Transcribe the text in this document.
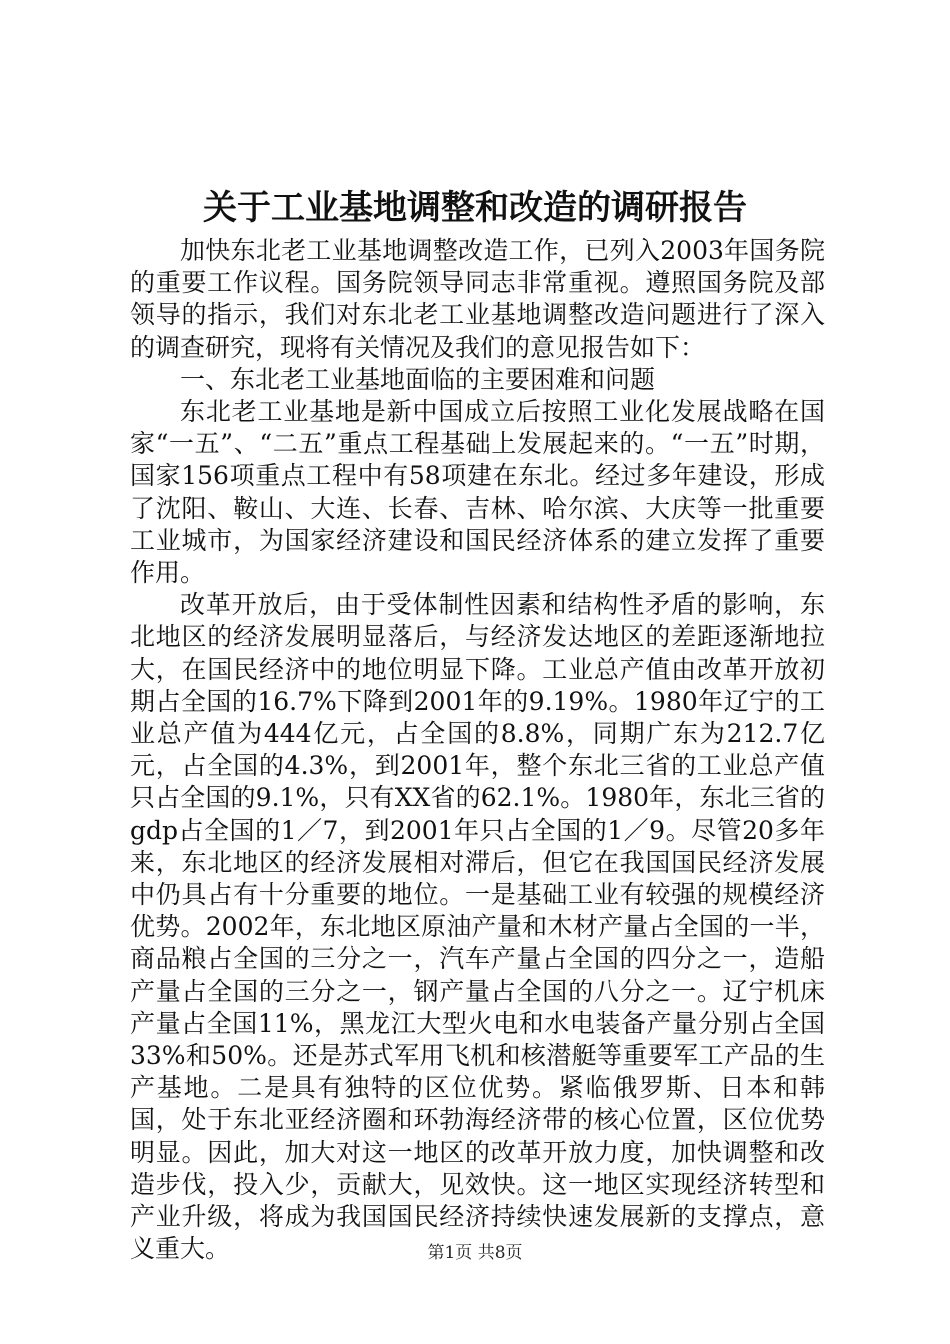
关于工业基地调整和改造的调研报告

加快东北老工业基地调整改造工作，已列入2003年国务院的重要工作议程。国务院领导同志非常重视。遵照国务院及部领导的指示，我们对东北老工业基地调整改造问题进行了深入的调查研究，现将有关情况及我们的意见报告如下：

一、东北老工业基地面临的主要困难和问题

东北老工业基地是新中国成立后按照工业化发展战略在国家“一五”、“二五”重点工程基础上发展起来的。“一五”时期，国家156项重点工程中有58项建在东北。经过多年建设，形成了沈阳、鞍山、大连、长春、吉林、哈尔滨、大庆等一批重要工业城市，为国家经济建设和国民经济体系的建立发挥了重要作用。

改革开放后，由于受体制性因素和结构性矛盾的影响，东北地区的经济发展明显落后，与经济发达地区的差距逐渐地拉大，在国民经济中的地位明显下降。工业总产值由改革开放初期占全国的16.7%下降到2001年的9.19%。1980年辽宁的工业总产值为444亿元，占全国的8.8%，同期广东为212.7亿元，占全国的4.3%，到2001年，整个东北三省的工业总产值只占全国的9.1%，只有XX省的62.1%。1980年，东北三省的gdp占全国的1／7，到2001年只占全国的1／9。尽管20多年来，东北地区的经济发展相对滞后，但它在我国国民经济发展中仍具占有十分重要的地位。一是基础工业有较强的规模经济优势。2002年，东北地区原油产量和木材产量占全国的一半，商品粮占全国的三分之一，汽车产量占全国的四分之一，造船产量占全国的三分之一，钢产量占全国的八分之一。辽宁机床产量占全国11%，黑龙江大型火电和水电装备产量分别占全国33%和50%。还是苏式军用飞机和核潜艇等重要军工产品的生产基地。二是具有独特的区位优势。紧临俄罗斯、日本和韩国，处于东北亚经济圈和环勃海经济带的核心位置，区位优势明显。因此，加大对这一地区的改革开放力度，加快调整和改造步伐，投入少，贡献大，见效快。这一地区实现经济转型和产业升级，将成为我国国民经济持续快速发展新的支撑点，意义重大。	第1页 共8页
